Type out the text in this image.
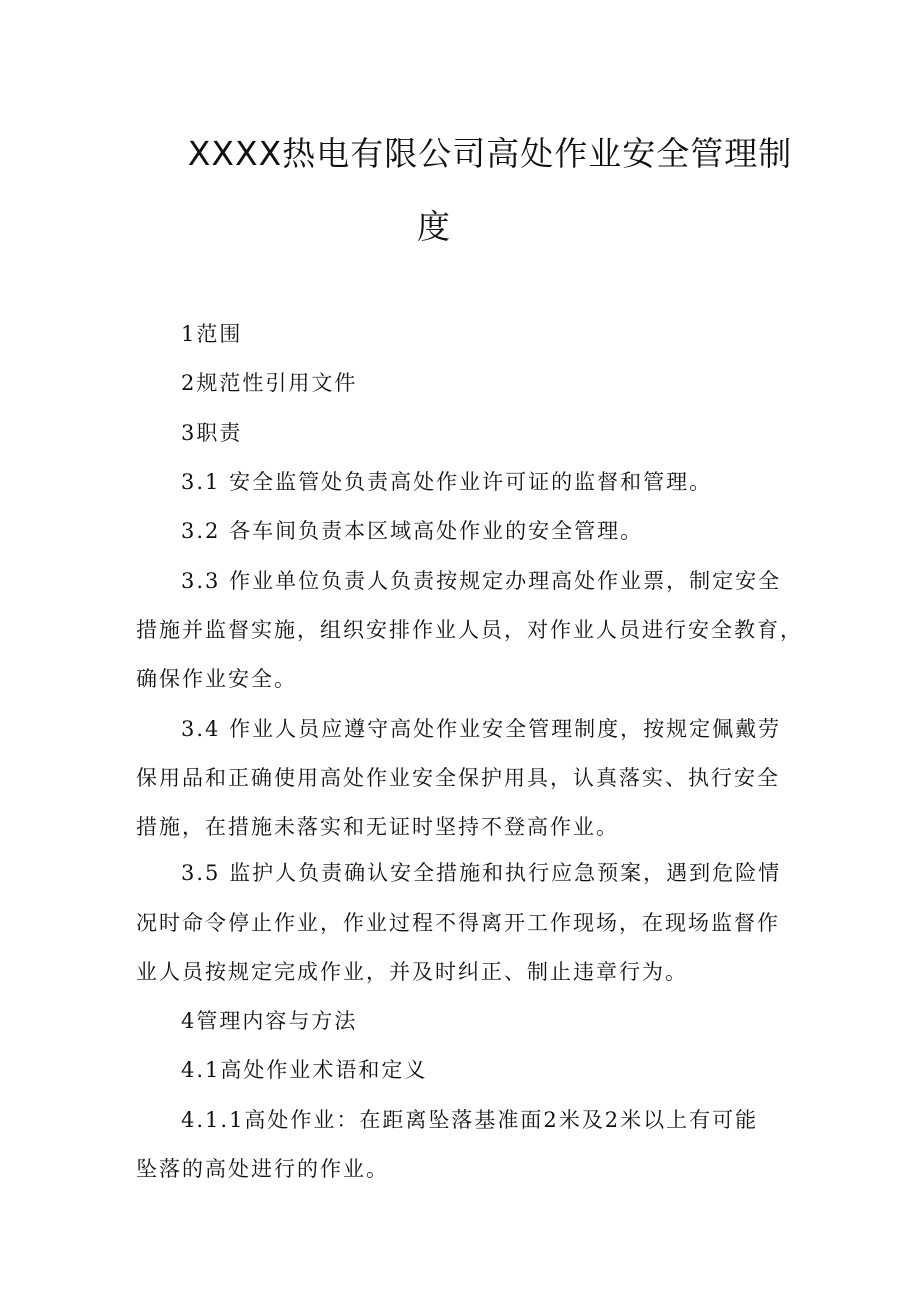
XXXX热电有限公司高处作业安全管理制
度
1范围
2规范性引用文件
3职责
3.1 安全监管处负责高处作业许可证的监督和管理。
3.2 各车间负责本区域高处作业的安全管理。
3.3 作业单位负责人负责按规定办理高处作业票，制定安全
措施并监督实施，组织安排作业人员，对作业人员进行安全教育，
确保作业安全。
3.4 作业人员应遵守高处作业安全管理制度，按规定佩戴劳
保用品和正确使用高处作业安全保护用具，认真落实、执行安全
措施，在措施未落实和无证时坚持不登高作业。
3.5 监护人负责确认安全措施和执行应急预案，遇到危险情
况时命令停止作业，作业过程不得离开工作现场，在现场监督作
业人员按规定完成作业，并及时纠正、制止违章行为。
4管理内容与方法
4.1高处作业术语和定义
4.1.1高处作业：在距离坠落基准面2米及2米以上有可能
坠落的高处进行的作业。
